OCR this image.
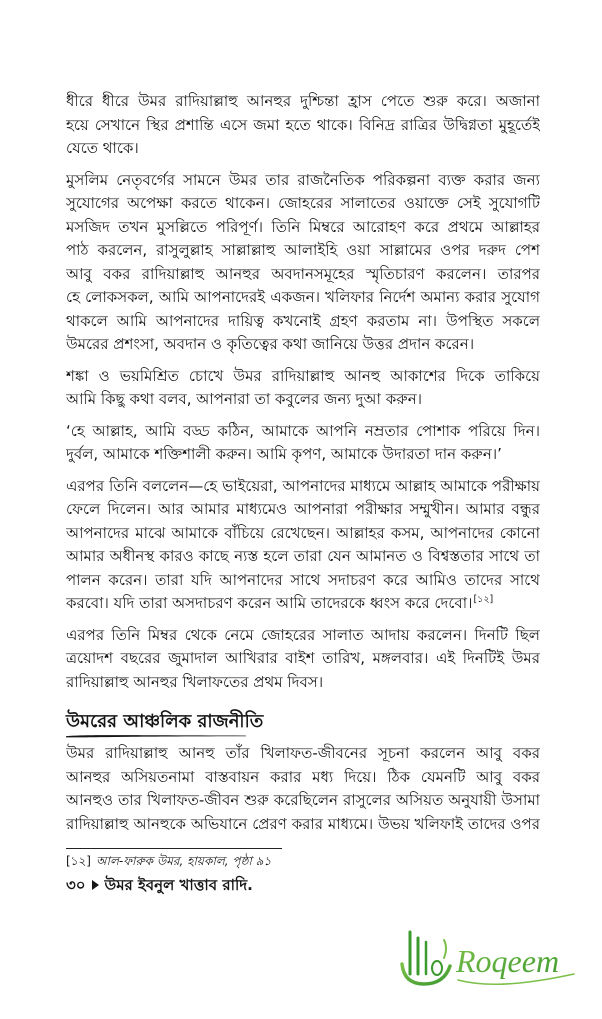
ধীরে ধীরে উমর রাদিয়াল্লাহু আনহুর দুশ্চিন্তা হ্রাস পেতে শুরু করে। অজানা
হয়ে সেখানে স্থির প্রশান্তি এসে জমা হতে থাকে। বিনিদ্র রাত্রির উদ্বিগ্নতা মুহূর্তেই
যেতে থাকে।
মুসলিম নেতৃবর্গের সামনে উমর তার রাজনৈতিক পরিকল্পনা ব্যক্ত করার জন্য
সুযোগের অপেক্ষা করতে থাকেন। জোহরের সালাতের ওয়াক্তে সেই সুযোগটি
মসজিদ তখন মুসল্লিতে পরিপূর্ণ। তিনি মিম্বরে আরোহণ করে প্রথমে আল্লাহর
পাঠ করলেন, রাসুলুল্লাহ সাল্লাল্লাহু আলাইহি ওয়া সাল্লামের ওপর দরুদ পেশ
আবু বকর রাদিয়াল্লাহু আনহুর অবদানসমূহের স্মৃতিচারণ করলেন। তারপর
হে লোকসকল, আমি আপনাদেরই একজন। খলিফার নির্দেশ অমান্য করার সুযোগ
থাকলে আমি আপনাদের দায়িত্ব কখনোই গ্রহণ করতাম না। উপস্থিত সকলে
উমরের প্রশংসা, অবদান ও কৃতিত্বের কথা জানিয়ে উত্তর প্রদান করেন।
শঙ্কা ও ভয়মিশ্রিত চোখে উমর রাদিয়াল্লাহু আনহু আকাশের দিকে তাকিয়ে
আমি কিছু কথা বলব, আপনারা তা কবুলের জন্য দুআ করুন।
‘হে আল্লাহ, আমি বড্ড কঠিন, আমাকে আপনি নম্রতার পোশাক পরিয়ে দিন।
দুর্বল, আমাকে শক্তিশালী করুন। আমি কৃপণ, আমাকে উদারতা দান করুন।’
এরপর তিনি বললেন—হে ভাইয়েরা, আপনাদের মাধ্যমে আল্লাহ আমাকে পরীক্ষায়
ফেলে দিলেন। আর আমার মাধ্যমেও আপনারা পরীক্ষার সম্মুখীন। আমার বন্ধুর
আপনাদের মাঝে আমাকে বাঁচিয়ে রেখেছেন। আল্লাহর কসম, আপনাদের কোনো
আমার অধীনস্থ কারও কাছে ন্যস্ত হলে তারা যেন আমানত ও বিশ্বস্ততার সাথে তা
পালন করেন। তারা যদি আপনাদের সাথে সদাচরণ করে আমিও তাদের সাথে
করবো। যদি তারা অসদাচরণ করেন আমি তাদেরকে ধ্বংস করে দেবো।[১২]
এরপর তিনি মিম্বর থেকে নেমে জোহরের সালাত আদায় করলেন। দিনটি ছিল
ত্রয়োদশ বছরের জুমাদাল আখিরার বাইশ তারিখ, মঙ্গলবার। এই দিনটিই উমর
রাদিয়াল্লাহু আনহুর খিলাফতের প্রথম দিবস।
উমরের আঞ্চলিক রাজনীতি
উমর রাদিয়াল্লাহু আনহু তাঁর খিলাফত-জীবনের সূচনা করলেন আবু বকর
আনহুর অসিয়তনামা বাস্তবায়ন করার মধ্য দিয়ে। ঠিক যেমনটি আবু বকর
আনহুও তার খিলাফত-জীবন শুরু করেছিলেন রাসুলের অসিয়ত অনুযায়ী উসামা
রাদিয়াল্লাহু আনহুকে অভিযানে প্রেরণ করার মাধ্যমে। উভয় খলিফাই তাদের ওপর
[১২] আল-ফারুক উমর, হায়কাল, পৃষ্ঠা ৯১
৩০ উমর ইবনুল খাত্তাব রাদি.
Roqeem
